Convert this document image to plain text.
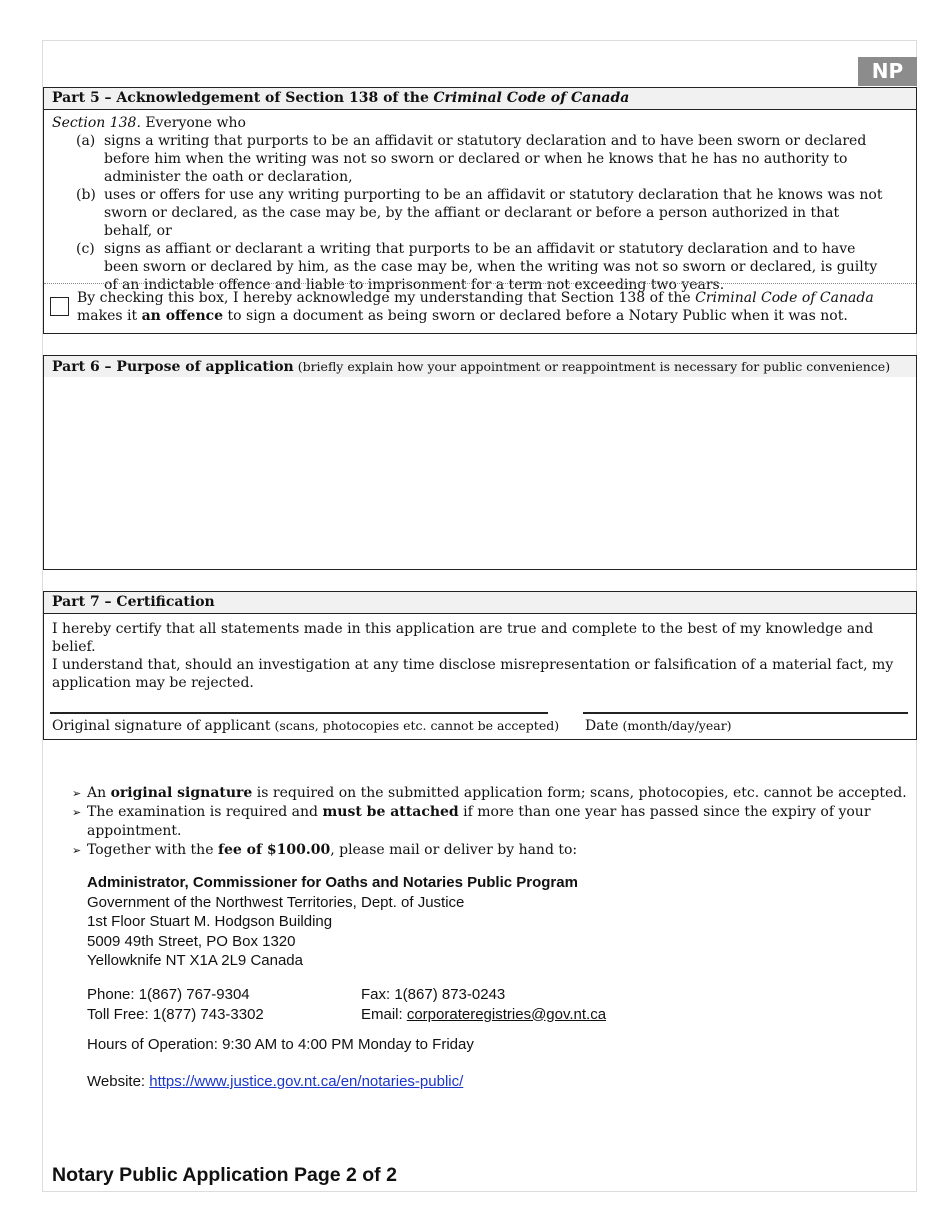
NP
Part 5 – Acknowledgement of Section 138 of the Criminal Code of Canada
Section 138. Everyone who
(a) signs a writing that purports to be an affidavit or statutory declaration and to have been sworn or declared before him when the writing was not so sworn or declared or when he knows that he has no authority to administer the oath or declaration,
(b) uses or offers for use any writing purporting to be an affidavit or statutory declaration that he knows was not sworn or declared, as the case may be, by the affiant or declarant or before a person authorized in that behalf, or
(c) signs as affiant or declarant a writing that purports to be an affidavit or statutory declaration and to have been sworn or declared by him, as the case may be, when the writing was not so sworn or declared, is guilty of an indictable offence and liable to imprisonment for a term not exceeding two years.
By checking this box, I hereby acknowledge my understanding that Section 138 of the Criminal Code of Canada makes it an offence to sign a document as being sworn or declared before a Notary Public when it was not.
Part 6 – Purpose of application (briefly explain how your appointment or reappointment is necessary for public convenience)
Part 7 – Certification
I hereby certify that all statements made in this application are true and complete to the best of my knowledge and belief.
I understand that, should an investigation at any time disclose misrepresentation or falsification of a material fact, my application may be rejected.
Original signature of applicant (scans, photocopies etc. cannot be accepted) Date (month/day/year)
➢ An original signature is required on the submitted application form; scans, photocopies, etc. cannot be accepted.
➢ The examination is required and must be attached if more than one year has passed since the expiry of your appointment.
➢ Together with the fee of $100.00, please mail or deliver by hand to:
Administrator, Commissioner for Oaths and Notaries Public Program
Government of the Northwest Territories, Dept. of Justice
1st Floor Stuart M. Hodgson Building
5009 49th Street, PO Box 1320
Yellowknife NT X1A 2L9 Canada
Phone: 1(867) 767-9304
Toll Free: 1(877) 743-3302
Fax: 1(867) 873-0243
Email: corporateregistries@gov.nt.ca
Hours of Operation: 9:30 AM to 4:00 PM Monday to Friday
Website: https://www.justice.gov.nt.ca/en/notaries-public/
Notary Public Application Page 2 of 2
